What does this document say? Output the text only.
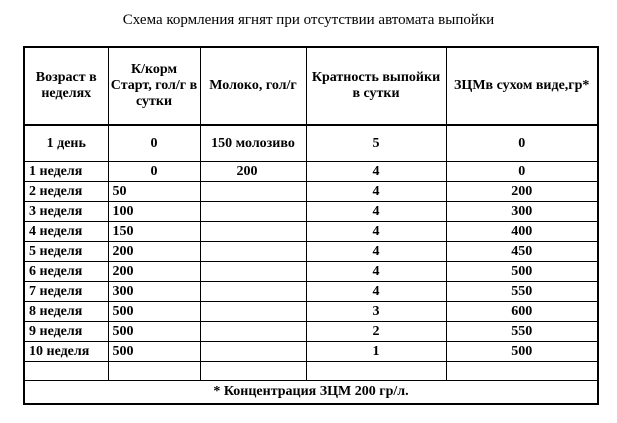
Схема кормления ягнят при отсутствии автомата выпойки
Возраст в неделях	К/корм Старт, гол/г в сутки	Молоко, гол/г	Кратность выпойки в сутки	ЗЦМв сухом виде,гр*
1 день	0	150 молозиво	5	0
1 неделя	0	200	4	0
2 неделя	50		4	200
3 неделя	100		4	300
4 неделя	150		4	400
5 неделя	200		4	450
6 неделя	200		4	500
7 неделя	300		4	550
8 неделя	500		3	600
9 неделя	500		2	550
10 неделя	500		1	500

* Концентрация ЗЦМ 200 гр/л.				
